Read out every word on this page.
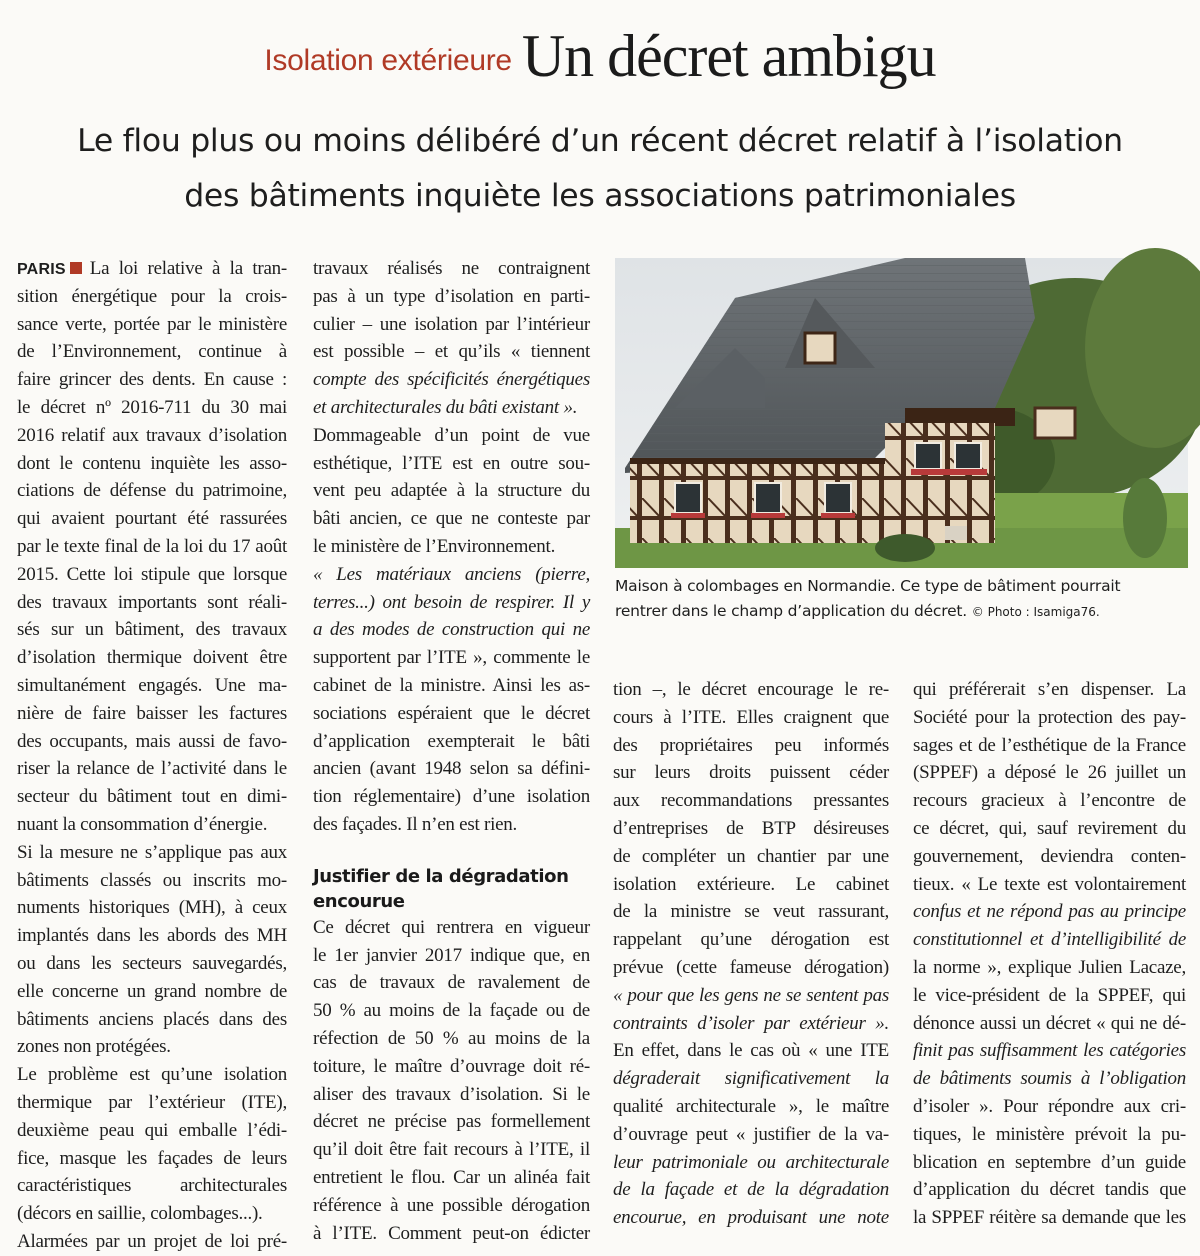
Isolation extérieure Un décret ambigu
Le flou plus ou moins délibéré d’un récent décret relatif à l’isolation
des bâtiments inquiète les associations patrimoniales
PARIS La loi relative à la tran-
sition énergétique pour la crois-
sance verte, portée par le ministère
de l’Environnement, continue à
faire grincer des dents. En cause :
le décret nº 2016-711 du 30 mai
2016 relatif aux travaux d’isolation
dont le contenu inquiète les asso-
ciations de défense du patrimoine,
qui avaient pourtant été rassurées
par le texte final de la loi du 17 août
2015. Cette loi stipule que lorsque
des travaux importants sont réali-
sés sur un bâtiment, des travaux
d’isolation thermique doivent être
simultanément engagés. Une ma-
nière de faire baisser les factures
des occupants, mais aussi de favo-
riser la relance de l’activité dans le
secteur du bâtiment tout en dimi-
nuant la consommation d’énergie.
Si la mesure ne s’applique pas aux
bâtiments classés ou inscrits mo-
numents historiques (MH), à ceux
implantés dans les abords des MH
ou dans les secteurs sauvegardés,
elle concerne un grand nombre de
bâtiments anciens placés dans des
zones non protégées.
Le problème est qu’une isolation
thermique par l’extérieur (ITE),
deuxième peau qui emballe l’édi-
fice, masque les façades de leurs
caractéristiques architecturales
(décors en saillie, colombages...).
Alarmées par un projet de loi pré-
travaux réalisés ne contraignent
pas à un type d’isolation en parti-
culier – une isolation par l’intérieur
est possible – et qu’ils « tiennent
compte des spécificités énergétiques
et architecturales du bâti existant ».
Dommageable d’un point de vue
esthétique, l’ITE est en outre sou-
vent peu adaptée à la structure du
bâti ancien, ce que ne conteste par
le ministère de l’Environnement.
« Les matériaux anciens (pierre,
terres...) ont besoin de respirer. Il y
a des modes de construction qui ne
supportent par l’ITE », commente le
cabinet de la ministre. Ainsi les as-
sociations espéraient que le décret
d’application exempterait le bâti
ancien (avant 1948 selon sa défini-
tion réglementaire) d’une isolation
des façades. Il n’en est rien.
Justifier de la dégradation
encourue
Ce décret qui rentrera en vigueur
le 1er janvier 2017 indique que, en
cas de travaux de ravalement de
50 % au moins de la façade ou de
réfection de 50 % au moins de la
toiture, le maître d’ouvrage doit ré-
aliser des travaux d’isolation. Si le
décret ne précise pas formellement
qu’il doit être fait recours à l’ITE, il
entretient le flou. Car un alinéa fait
référence à une possible dérogation
à l’ITE. Comment peut-on édicter
Maison à colombages en Normandie. Ce type de bâtiment pourrait
rentrer dans le champ d’application du décret. © Photo : Isamiga76.
tion –, le décret encourage le re-
cours à l’ITE. Elles craignent que
des propriétaires peu informés
sur leurs droits puissent céder
aux recommandations pressantes
d’entreprises de BTP désireuses
de compléter un chantier par une
isolation extérieure. Le cabinet
de la ministre se veut rassurant,
rappelant qu’une dérogation est
prévue (cette fameuse dérogation)
« pour que les gens ne se sentent pas
contraints d’isoler par extérieur ».
En effet, dans le cas où « une ITE
dégraderait significativement la
qualité architecturale », le maître
d’ouvrage peut « justifier de la va-
leur patrimoniale ou architecturale
de la façade et de la dégradation
encourue, en produisant une note
qui préférerait s’en dispenser. La
Société pour la protection des pay-
sages et de l’esthétique de la France
(SPPEF) a déposé le 26 juillet un
recours gracieux à l’encontre de
ce décret, qui, sauf revirement du
gouvernement, deviendra conten-
tieux. « Le texte est volontairement
confus et ne répond pas au principe
constitutionnel et d’intelligibilité de
la norme », explique Julien Lacaze,
le vice-président de la SPPEF, qui
dénonce aussi un décret « qui ne dé-
finit pas suffisamment les catégories
de bâtiments soumis à l’obligation
d’isoler ». Pour répondre aux cri-
tiques, le ministère prévoit la pu-
blication en septembre d’un guide
d’application du décret tandis que
la SPPEF réitère sa demande que les
